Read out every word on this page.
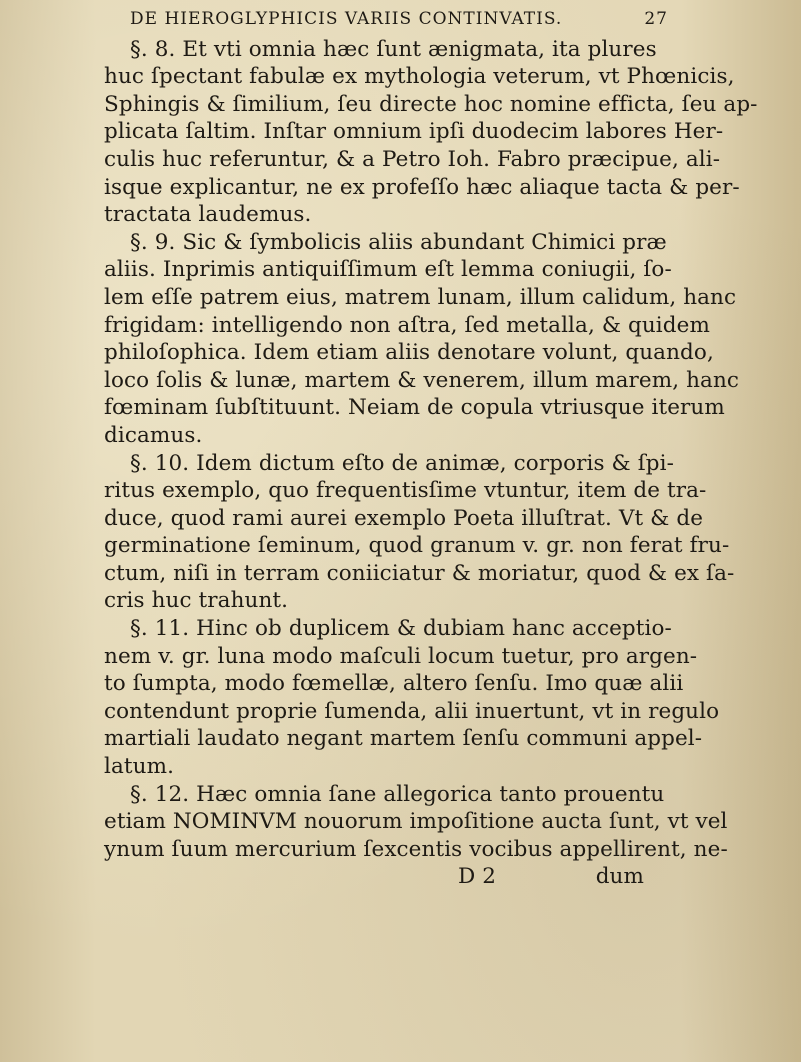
DE HIEROGLYPHICIS VARIIS CONTINVATIS.	27
§. 8. Et vti omnia hæc ſunt ænigmata, ita plures
huc ſpectant fabulæ ex mythologia veterum, vt Phœnicis,
Sphingis & ſimilium, ſeu directe hoc nomine efficta, ſeu ap-
plicata ſaltim. Inſtar omnium ipſi duodecim labores Her-
culis huc referuntur, & a Petro Ioh. Fabro præcipue, ali-
isque explicantur, ne ex profeſſo hæc aliaque tacta & per-
tractata laudemus.
§. 9. Sic & ſymbolicis aliis abundant Chimici præ
aliis. Inprimis antiquiſſimum eſt lemma coniugii, ſo-
lem eſſe patrem eius, matrem lunam, illum calidum, hanc
frigidam: intelligendo non aſtra, ſed metalla, & quidem
philoſophica. Idem etiam aliis denotare volunt, quando,
loco ſolis & lunæ, martem & venerem, illum marem, hanc
fœminam ſubſtituunt. Neiam de copula vtriusque iterum
dicamus.
§. 10. Idem dictum eſto de animæ, corporis & ſpi-
ritus exemplo, quo frequentisſime vtuntur, item de tra-
duce, quod rami aurei exemplo Poeta illuſtrat. Vt & de
germinatione ſeminum, quod granum v. gr. non ferat fru-
ctum, niſi in terram coniiciatur & moriatur, quod & ex ſa-
cris huc trahunt.
§. 11. Hinc ob duplicem & dubiam hanc acceptio-
nem v. gr. luna modo maſculi locum tuetur, pro argen-
to ſumpta, modo fœmellæ, altero ſenſu. Imo quæ alii
contendunt proprie ſumenda, alii inuertunt, vt in regulo
martiali laudato negant martem ſenſu communi appel-
latum.
§. 12. Hæc omnia ſane allegorica tanto prouentu
etiam NOMINVM nouorum impoſitione aucta ſunt, vt vel
ynum ſuum mercurium ſexcentis vocibus appellirent, ne-
D 2	dum
